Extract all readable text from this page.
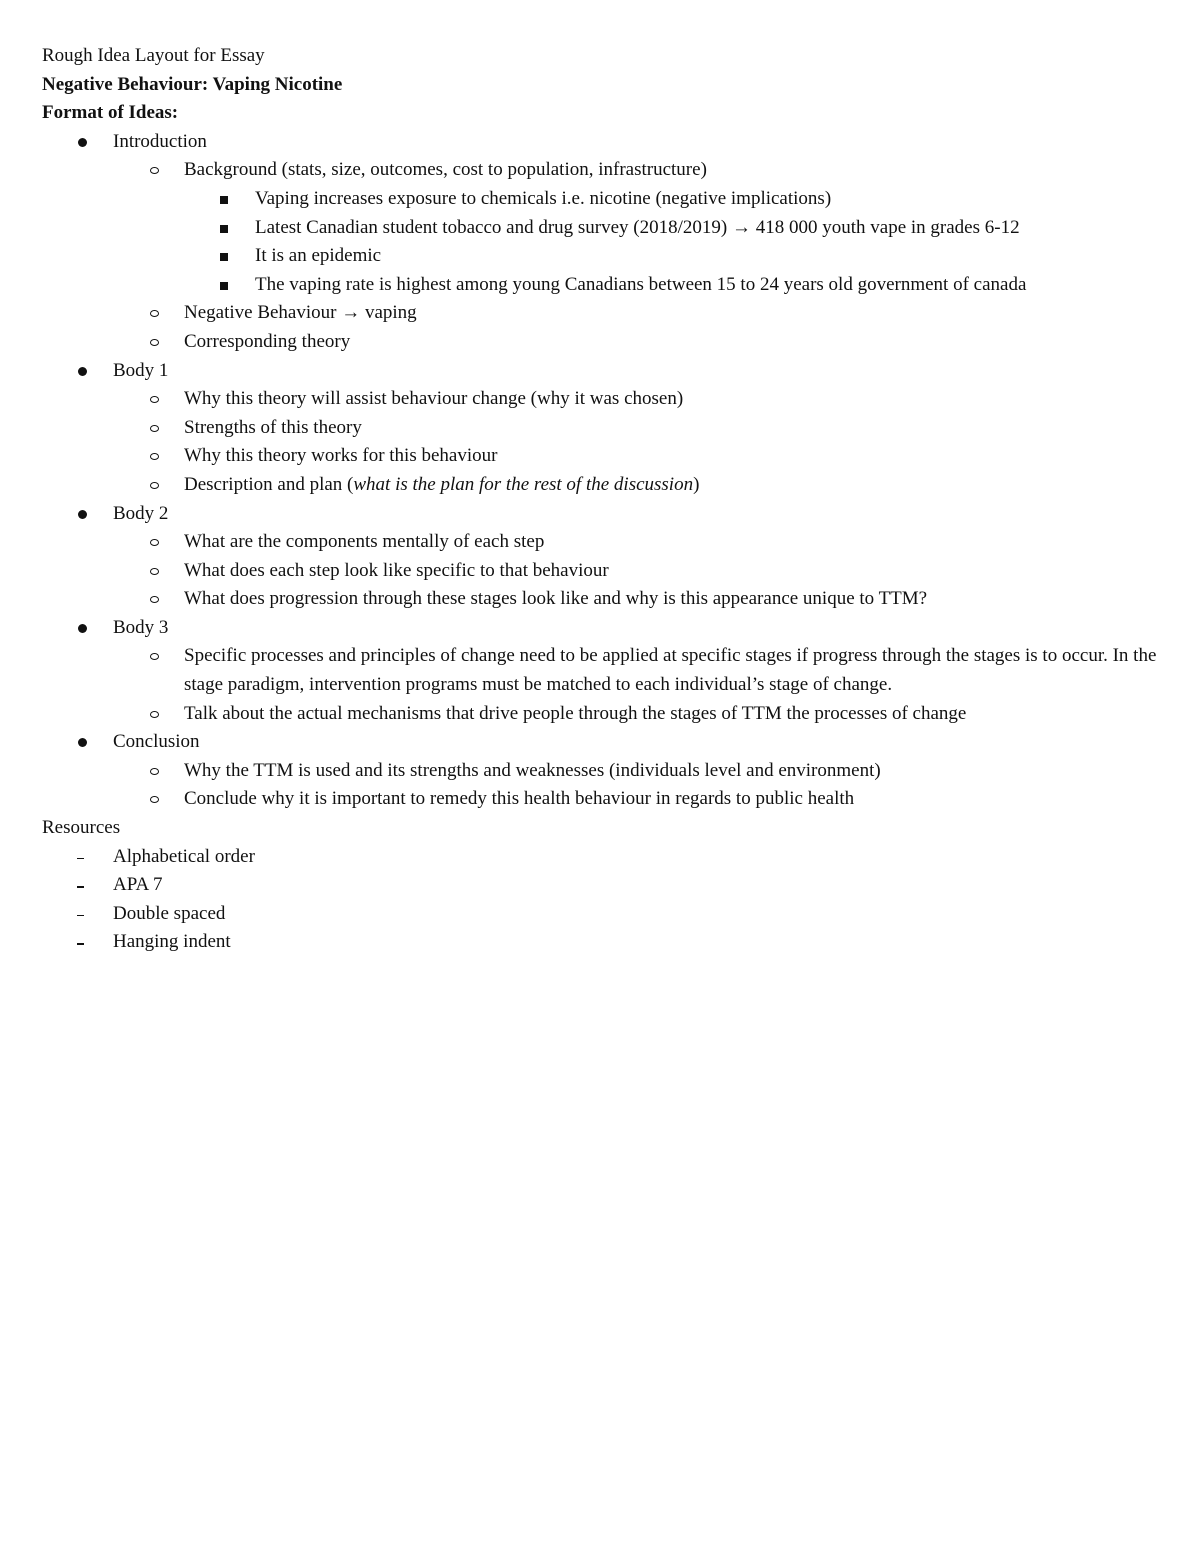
Rough Idea Layout for Essay
Negative Behaviour: Vaping Nicotine
Format of Ideas:
Introduction
Background (stats, size, outcomes, cost to population, infrastructure)
Vaping increases exposure to chemicals i.e. nicotine (negative implications)
Latest Canadian student tobacco and drug survey (2018/2019) → 418 000 youth vape in grades 6-12
It is an epidemic
The vaping rate is highest among young Canadians between 15 to 24 years old government of canada
Negative Behaviour → vaping
Corresponding theory
Body 1
Why this theory will assist behaviour change (why it was chosen)
Strengths of this theory
Why this theory works for this behaviour
Description and plan (what is the plan for the rest of the discussion)
Body 2
What are the components mentally of each step
What does each step look like specific to that behaviour
What does progression through these stages look like and why is this appearance unique to TTM?
Body 3
Specific processes and principles of change need to be applied at specific stages if progress through the stages is to occur. In the stage paradigm, intervention programs must be matched to each individual’s stage of change.
Talk about the actual mechanisms that drive people through the stages of TTM the processes of change
Conclusion
Why the TTM is used and its strengths and weaknesses (individuals level and environment)
Conclude why it is important to remedy this health behaviour in regards to public health
Resources
Alphabetical order
APA 7
Double spaced
Hanging indent
